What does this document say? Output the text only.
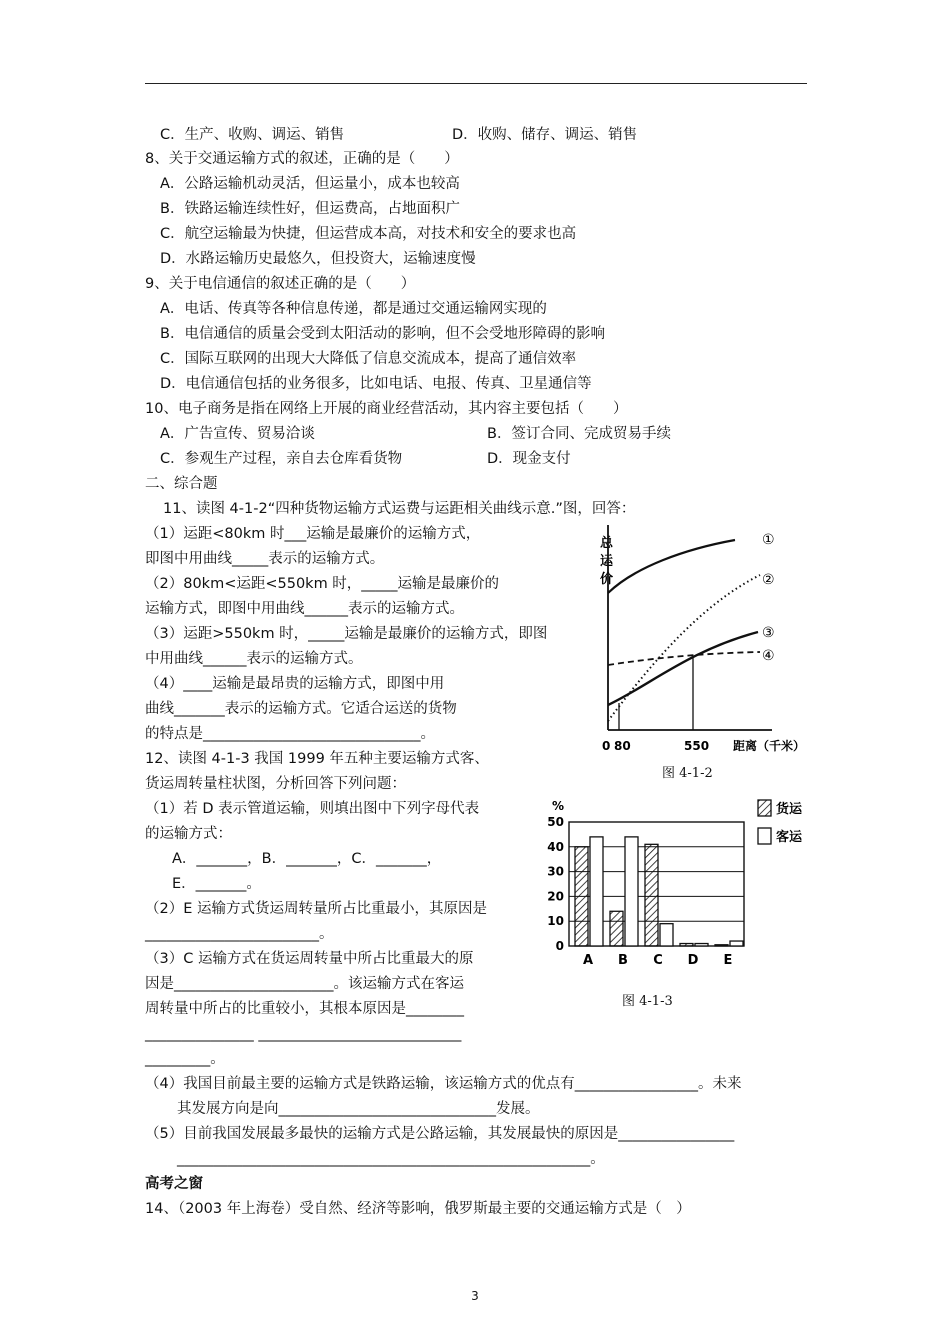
C．生产、收购、调运、销售	D．收购、储存、调运、销售
8、关于交通运输方式的叙述，正确的是（　　）
A．公路运输机动灵活，但运量小，成本也较高
B．铁路运输连续性好，但运费高，占地面积广
C．航空运输最为快捷，但运营成本高，对技术和安全的要求也高
D．水路运输历史最悠久，但投资大，运输速度慢
9、关于电信通信的叙述正确的是（　　）
A．电话、传真等各种信息传递，都是通过交通运输网实现的
B．电信通信的质量会受到太阳活动的影响，但不会受地形障碍的影响
C．国际互联网的出现大大降低了信息交流成本，提高了通信效率
D．电信通信包括的业务很多，比如电话、电报、传真、卫星通信等
10、电子商务是指在网络上开展的商业经营活动，其内容主要包括（　　）
A．广告宣传、贸易洽谈	B．签订合同、完成贸易手续
C．参观生产过程，亲自去仓库看货物	D．现金支付
二、综合题
11、读图 4-1-2“四种货物运输方式运费与运距相关曲线示意.”图，回答：
（1）运距<80km 时___运输是最廉价的运输方式，
即图中用曲线_____表示的运输方式。
（2）80km<运距<550km 时，_____运输是最廉价的
运输方式，即图中用曲线______表示的运输方式。
（3）运距>550km 时，_____运输是最廉价的运输方式，即图
中用曲线______表示的运输方式。
（4）____运输是最昂贵的运输方式，即图中用
曲线_______表示的运输方式。它适合运送的货物
的特点是______________________________。
总
运
价
①
②
③
④
0 80	550 距离（千米）
图 4-1-2
12、读图 4-1-3 我国 1999 年五种主要运输方式客、
货运周转量柱状图，分析回答下列问题：
（1）若 D 表示管道运输，则填出图中下列字母代表
的运输方式：
A．_______，B．_______，C．_______，
E．_______。
（2）E 运输方式货运周转量所占比重最小，其原因是
________________________。
（3）C 运输方式在货运周转量中所占比重最大的原
因是______________________。该运输方式在客运
周转量中所占的比重较小，其根本原因是________
_______________ ____________________________
_________。
%
0
10
20
30
40
50
A B C D E
货运
客运
图 4-1-3
（4）我国目前最主要的运输方式是铁路运输，该运输方式的优点有_________________。未来
其发展方向是向______________________________发展。
（5）目前我国发展最多最快的运输方式是公路运输，其发展最快的原因是________________
_________________________________________________________。
高考之窗
14、（2003 年上海卷）受自然、经济等影响，俄罗斯最主要的交通运输方式是（　）
3
